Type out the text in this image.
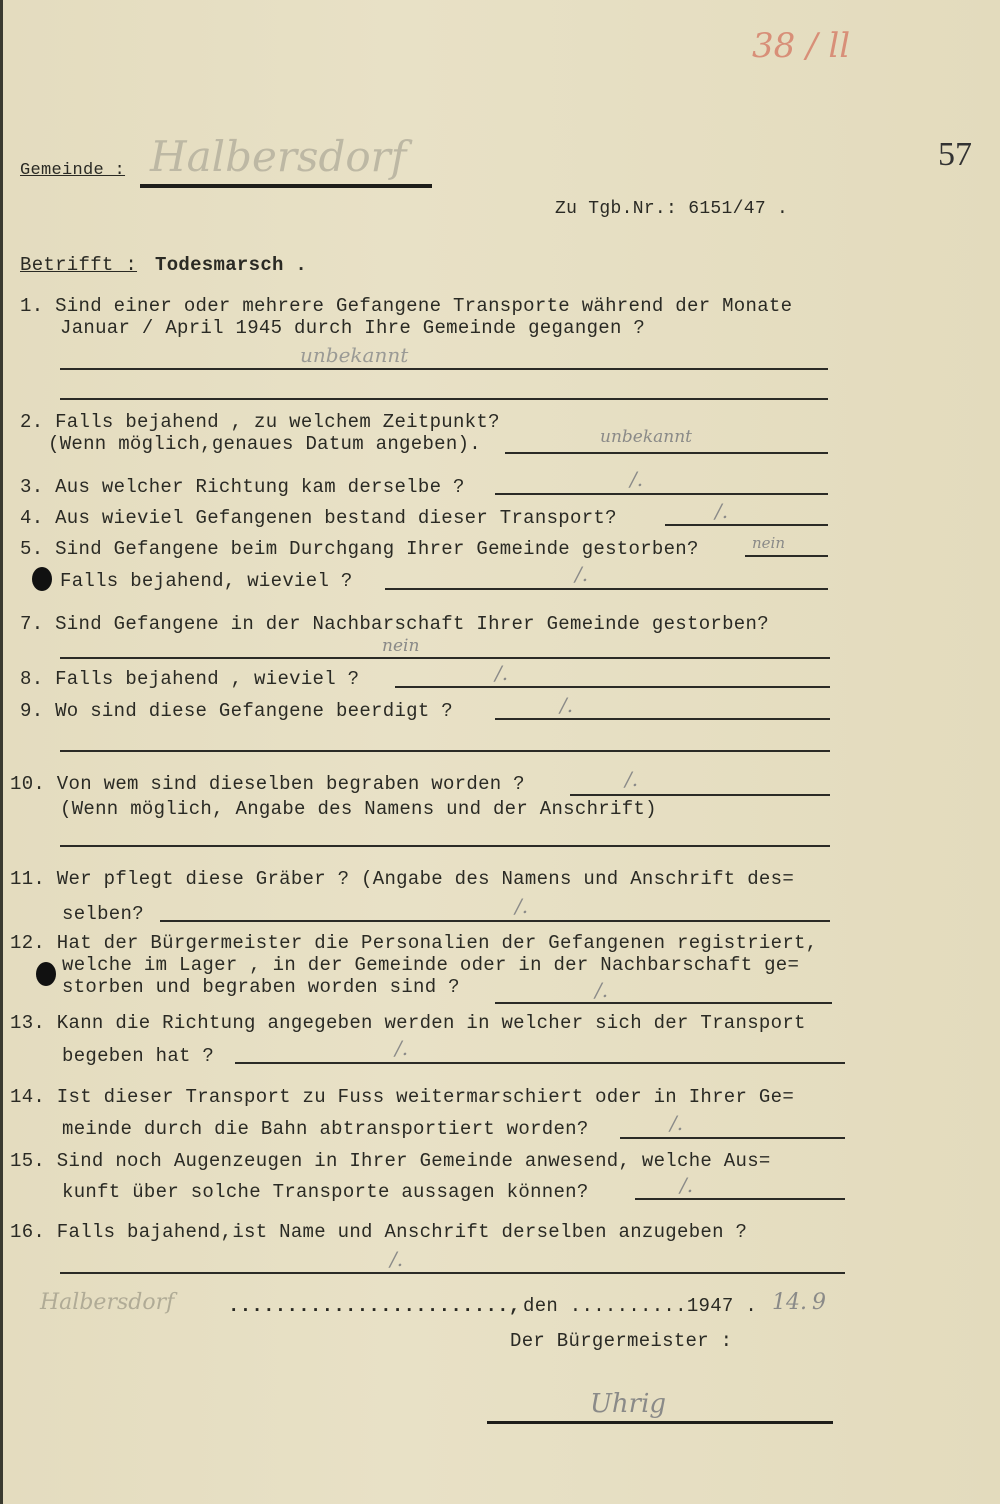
38 / ll
57
Gemeinde : Halbersdorf
Zu Tgb.Nr.: 6151/47 .
Betrifft : Todesmarsch .
1. Sind einer oder mehrere Gefangene Transporte während der Monate
Januar / April 1945 durch Ihre Gemeinde gegangen ?
unbekannt
2. Falls bejahend , zu welchem Zeitpunkt?
(Wenn möglich,genaues Datum angeben).	unbekannt
3. Aus welcher Richtung kam derselbe ?	/.
4. Aus wieviel Gefangenen bestand dieser Transport?	/.
5. Sind Gefangene beim Durchgang Ihrer Gemeinde gestorben?	nein
Falls bejahend, wieviel ?	/.
7. Sind Gefangene in der Nachbarschaft Ihrer Gemeinde gestorben?
nein
8. Falls bejahend , wieviel ?	/.
9. Wo sind diese Gefangene beerdigt ?	/.
10. Von wem sind dieselben begraben worden ?
(Wenn möglich, Angabe des Namens und der Anschrift)
/.
11. Wer pflegt diese Gräber ? (Angabe des Namens und Anschrift des=
selben?	/.
12. Hat der Bürgermeister die Personalien der Gefangenen registriert,
welche im Lager , in der Gemeinde oder in der Nachbarschaft ge=
storben und begraben worden sind ?	/.
13. Kann die Richtung angegeben werden in welcher sich der Transport
begeben hat ?	/.
14. Ist dieser Transport zu Fuss weitermarschiert oder in Ihrer Ge=
meinde durch die Bahn abtransportiert worden?	/.
15. Sind noch Augenzeugen in Ihrer Gemeinde anwesend, welche Aus=
kunft über solche Transporte aussagen können?	/.
16. Falls bajahend,ist Name und Anschrift derselben anzugeben ?
/.
Halbersdorf	........................, den ..........1947 . 14. 9
Der Bürgermeister :
Uhrig
